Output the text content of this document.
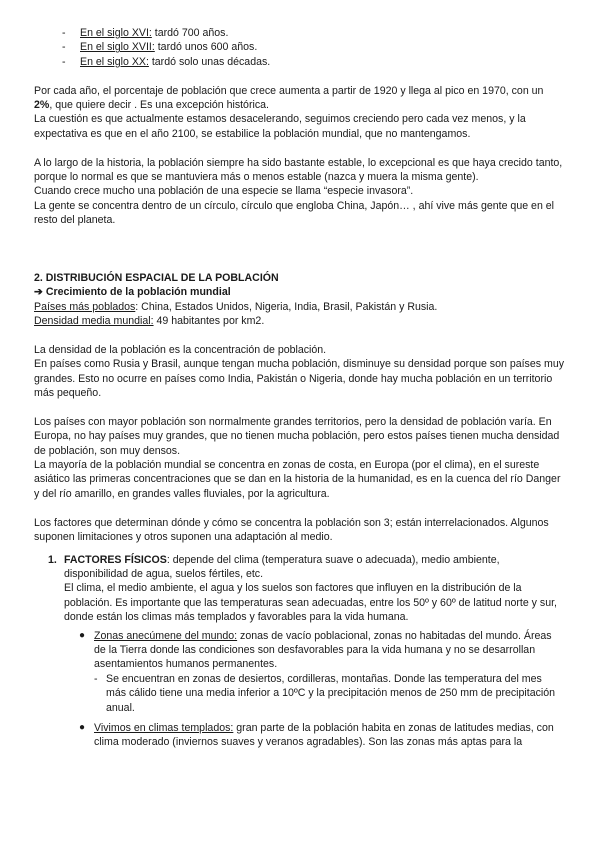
- En el siglo XVI: tardó 700 años.
- En el siglo XVII: tardó unos 600 años.
- En el siglo XX: tardó solo unas décadas.

Por cada año, el porcentaje de población que crece aumenta a partir de 1920 y llega al pico en 1970, con un 2%, que quiere decir . Es una excepción histórica.

La cuestión es que actualmente estamos desacelerando, seguimos creciendo pero cada vez menos, y la expectativa es que en el año 2100, se estabilice la población mundial, que no mantengamos.

A lo largo de la historia, la población siempre ha sido bastante estable, lo excepcional es que haya crecido tanto, porque lo normal es que se mantuviera más o menos estable (nazca y muera la misma gente).

Cuando crece mucho una población de una especie se llama “especie invasora”.

La gente se concentra dentro de un círculo, círculo que engloba China, Japón… , ahí vive más gente que en el resto del planeta.

2. DISTRIBUCIÓN ESPACIAL DE LA POBLACIÓN

➔ Crecimiento de la población mundial

Países más poblados: China, Estados Unidos, Nigeria, India, Brasil, Pakistán y Rusia.

Densidad media mundial: 49 habitantes por km2.

La densidad de la población es la concentración de población.

En países como Rusia y Brasil, aunque tengan mucha población, disminuye su densidad porque son países muy grandes. Esto no ocurre en países como India, Pakistán o Nigeria, donde hay mucha población en un territorio más pequeño.

Los países con mayor población son normalmente grandes territorios, pero la densidad de población varía. En Europa, no hay países muy grandes, que no tienen mucha población, pero estos países tienen mucha densidad de población, son muy densos.

La mayoría de la población mundial se concentra en zonas de costa, en Europa (por el clima), en el sureste asiático las primeras concentraciones que se dan en la historia de la humanidad, es en la cuenca del río Danger y del río amarillo, en grandes valles fluviales, por la agricultura.

Los factores que determinan dónde y cómo se concentra la población son 3; están interrelacionados. Algunos suponen limitaciones y otros suponen una adaptación al medio.

1. FACTORES FÍSICOS: depende del clima (temperatura suave o adecuada), medio ambiente, disponibilidad de agua, suelos fértiles, etc.

El clima, el medio ambiente, el agua y los suelos son factores que influyen en la distribución de la población. Es importante que las temperaturas sean adecuadas, entre los 50º y 60º de latitud norte y sur, donde están los climas más templados y favorables para la vida humana.

● Zonas anecúmene del mundo: zonas de vacío poblacional, zonas no habitadas del mundo. Áreas de la Tierra donde las condiciones son desfavorables para la vida humana y no se desarrollan asentamientos humanos permanentes.

- Se encuentran en zonas de desiertos, cordilleras, montañas. Donde las temperatura del mes más cálido tiene una media inferior a 10ºC y la precipitación menos de 250 mm de precipitación anual.
● Vivimos en climas templados: gran parte de la población habita en zonas de latitudes medias, con clima moderado (inviernos suaves y veranos agradables). Son las zonas más aptas para la
